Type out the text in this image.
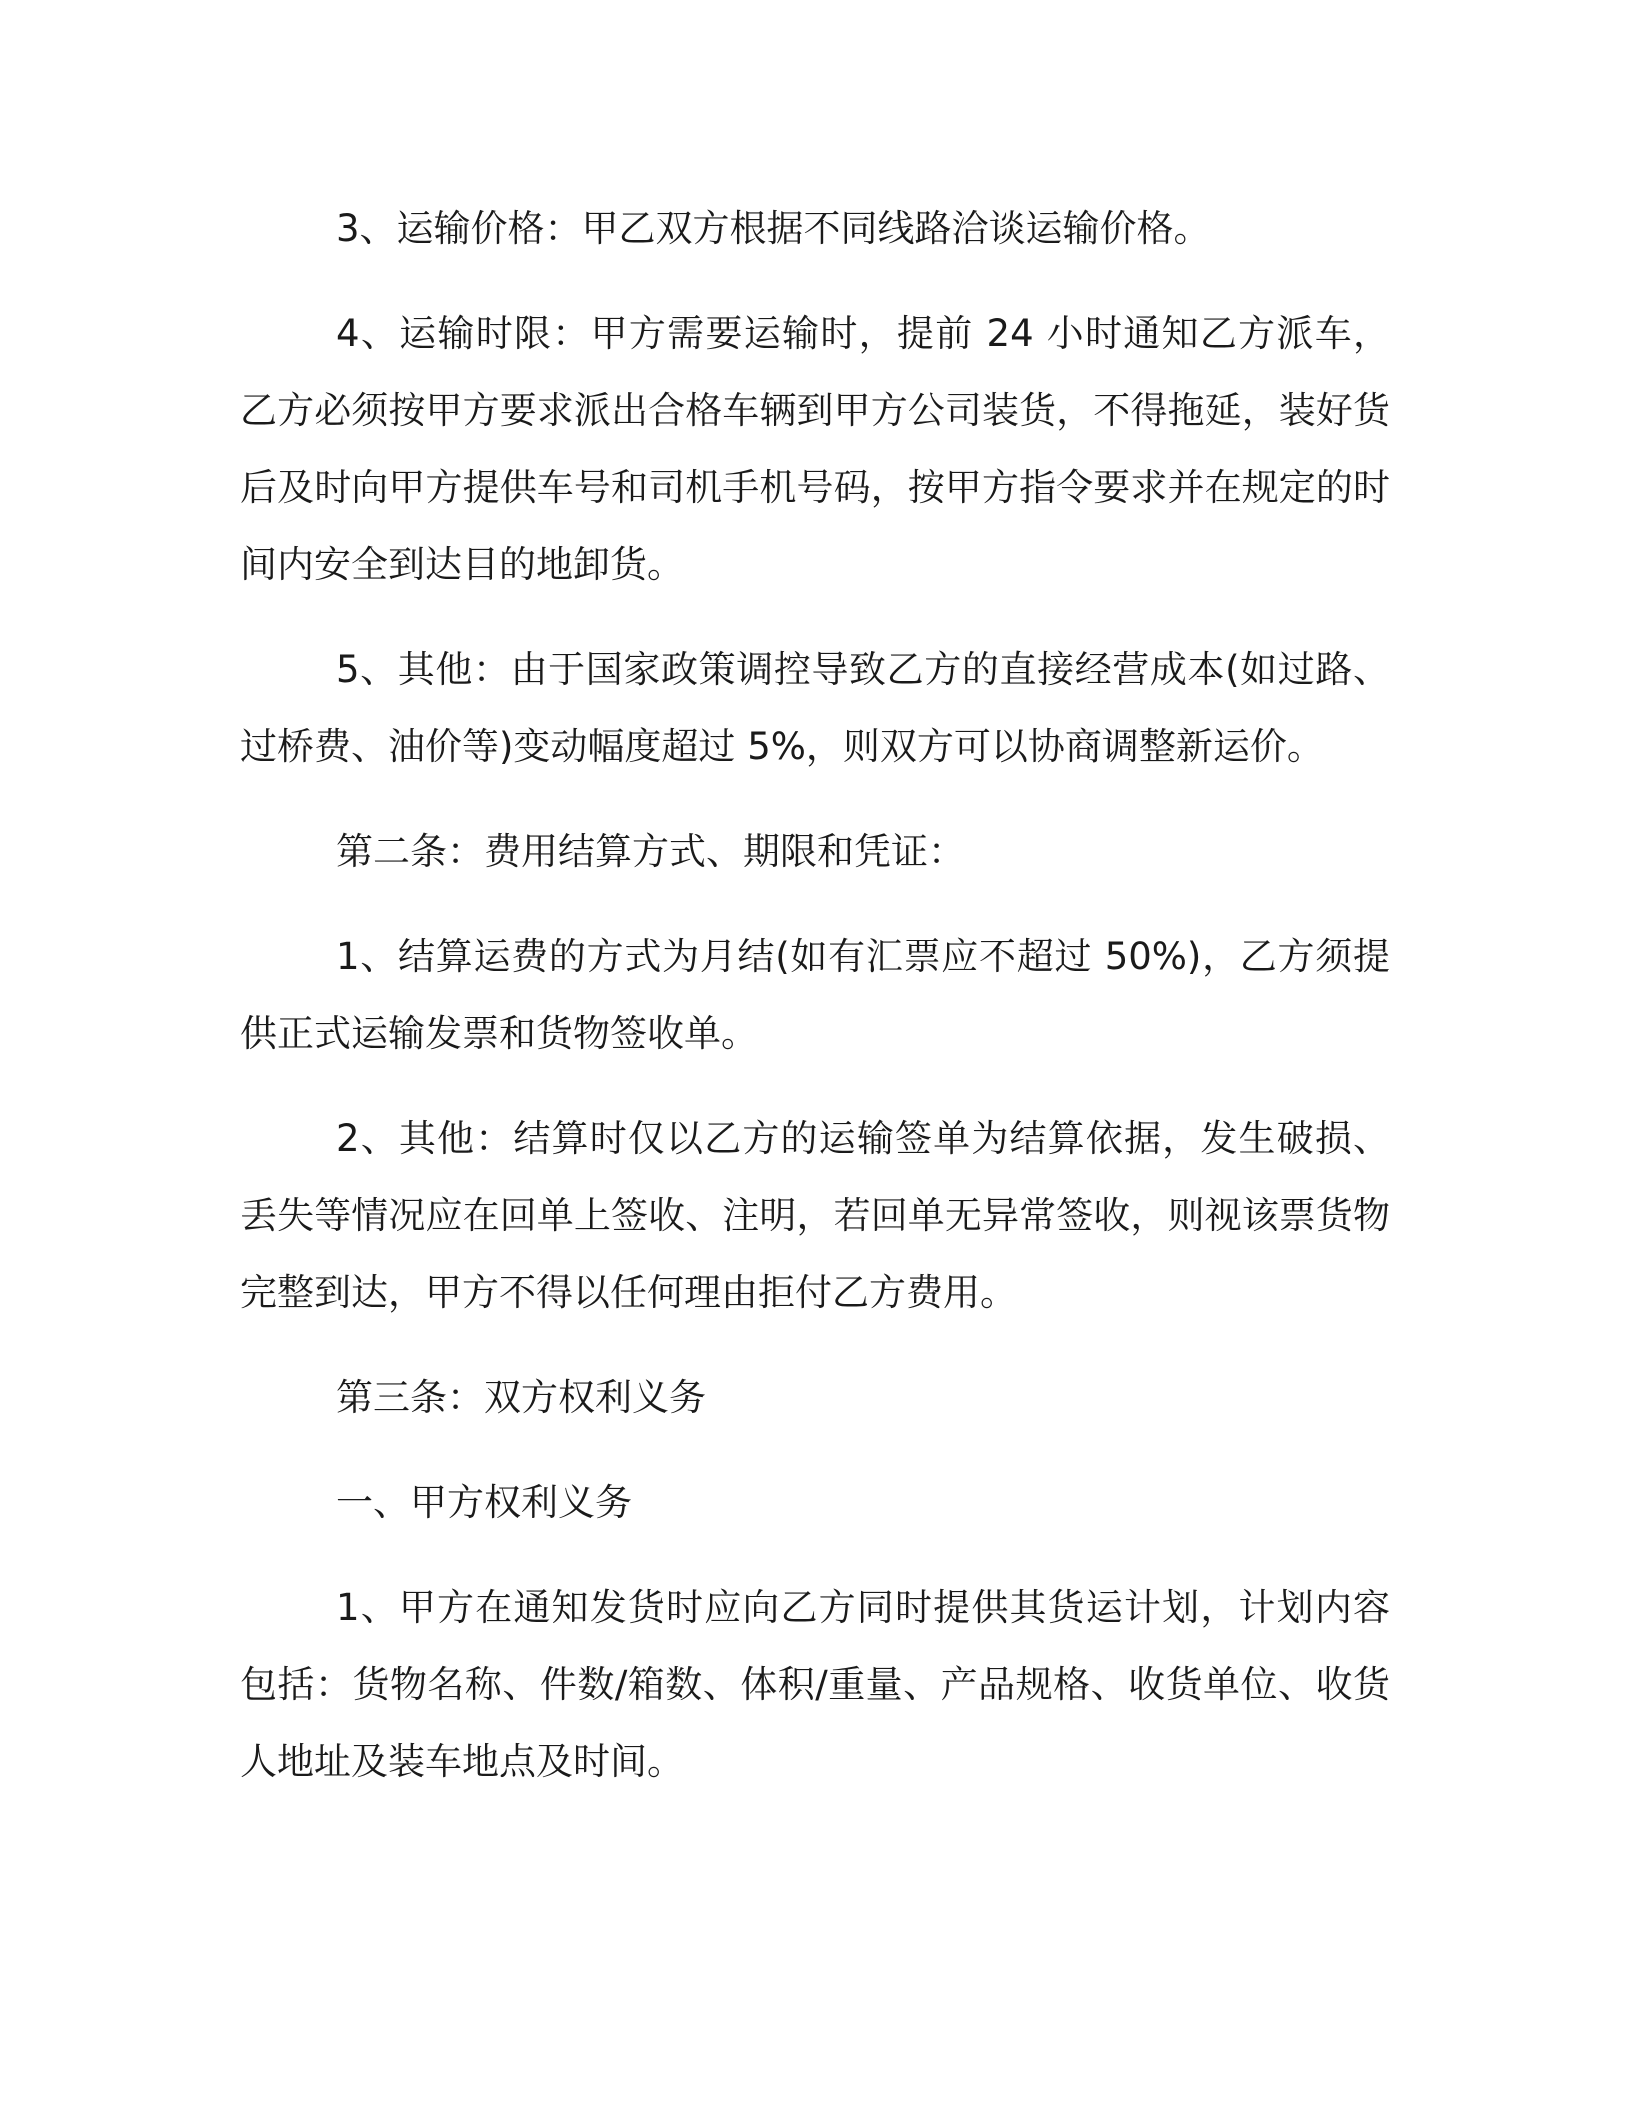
3、运输价格：甲乙双方根据不同线路洽谈运输价格。

4、运输时限：甲方需要运输时，提前 24 小时通知乙方派车，乙方必须按甲方要求派出合格车辆到甲方公司装货，不得拖延，装好货后及时向甲方提供车号和司机手机号码，按甲方指令要求并在规定的时间内安全到达目的地卸货。

5、其他：由于国家政策调控导致乙方的直接经营成本(如过路、过桥费、油价等)变动幅度超过 5%，则双方可以协商调整新运价。

第二条：费用结算方式、期限和凭证：

1、结算运费的方式为月结(如有汇票应不超过 50%)，乙方须提供正式运输发票和货物签收单。

2、其他：结算时仅以乙方的运输签单为结算依据，发生破损、丢失等情况应在回单上签收、注明，若回单无异常签收，则视该票货物完整到达，甲方不得以任何理由拒付乙方费用。

第三条：双方权利义务

一、甲方权利义务

1、甲方在通知发货时应向乙方同时提供其货运计划，计划内容包括：货物名称、件数/箱数、体积/重量、产品规格、收货单位、收货人地址及装车地点及时间。
